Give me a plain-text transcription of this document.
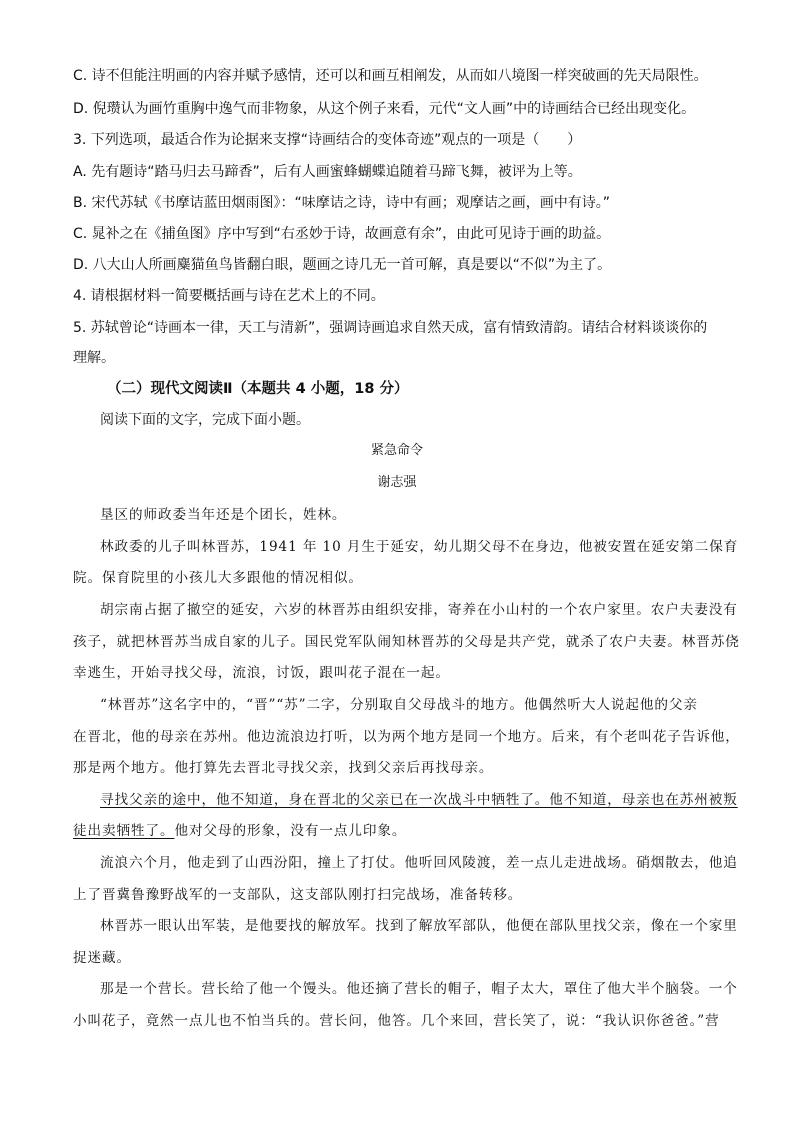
C. 诗不但能注明画的内容并赋予感情，还可以和画互相阐发，从而如八境图一样突破画的先天局限性。
D. 倪瓒认为画竹重胸中逸气而非物象，从这个例子来看，元代“文人画”中的诗画结合已经出现变化。
3. 下列选项，最适合作为论据来支撑“诗画结合的变体奇迹”观点的一项是（　　）
A. 先有题诗“踏马归去马蹄香”，后有人画蜜蜂蝴蝶追随着马蹄飞舞，被评为上等。
B. 宋代苏轼《书摩诘蓝田烟雨图》：“味摩诘之诗，诗中有画；观摩诘之画，画中有诗。”
C. 晁补之在《捕鱼图》序中写到“右丞妙于诗，故画意有余”，由此可见诗于画的助益。
D. 八大山人所画麋猫鱼鸟皆翻白眼，题画之诗几无一首可解，真是要以“不似”为主了。
4. 请根据材料一简要概括画与诗在艺术上的不同。
5. 苏轼曾论“诗画本一律，天工与清新”，强调诗画追求自然天成，富有情致清韵。请结合材料谈谈你的
理解。
（二）现代文阅读Ⅱ（本题共 4 小题，18 分）
阅读下面的文字，完成下面小题。
紧急命令
谢志强
垦区的师政委当年还是个团长，姓林。
林政委的儿子叫林晋苏，1941 年 10 月生于延安，幼儿期父母不在身边，他被安置在延安第二保育
院。保育院里的小孩儿大多跟他的情况相似。
胡宗南占据了撤空的延安，六岁的林晋苏由组织安排，寄养在小山村的一个农户家里。农户夫妻没有
孩子，就把林晋苏当成自家的儿子。国民党军队闹知林晋苏的父母是共产党，就杀了农户夫妻。林晋苏侥
幸逃生，开始寻找父母，流浪，讨饭，跟叫花子混在一起。
“林晋苏”这名字中的，“晋”“苏”二字，分别取自父母战斗的地方。他偶然听大人说起他的父亲
在晋北，他的母亲在苏州。他边流浪边打听，以为两个地方是同一个地方。后来，有个老叫花子告诉他，
那是两个地方。他打算先去晋北寻找父亲，找到父亲后再找母亲。
寻找父亲的途中，他不知道，身在晋北的父亲已在一次战斗中牺牲了。他不知道，母亲也在苏州被叛
徒出卖牺牲了。他对父母的形象，没有一点儿印象。
流浪六个月，他走到了山西汾阳，撞上了打仗。他听回风陵渡，差一点儿走进战场。硝烟散去，他追
上了晋冀鲁豫野战军的一支部队，这支部队刚打扫完战场，准备转移。
林晋苏一眼认出军装，是他要找的解放军。找到了解放军部队，他便在部队里找父亲，像在一个家里
捉迷藏。
那是一个营长。营长给了他一个馒头。他还摘了营长的帽子，帽子太大，罩住了他大半个脑袋。一个
小叫花子，竟然一点儿也不怕当兵的。营长问，他答。几个来回，营长笑了，说：“我认识你爸爸。”营
